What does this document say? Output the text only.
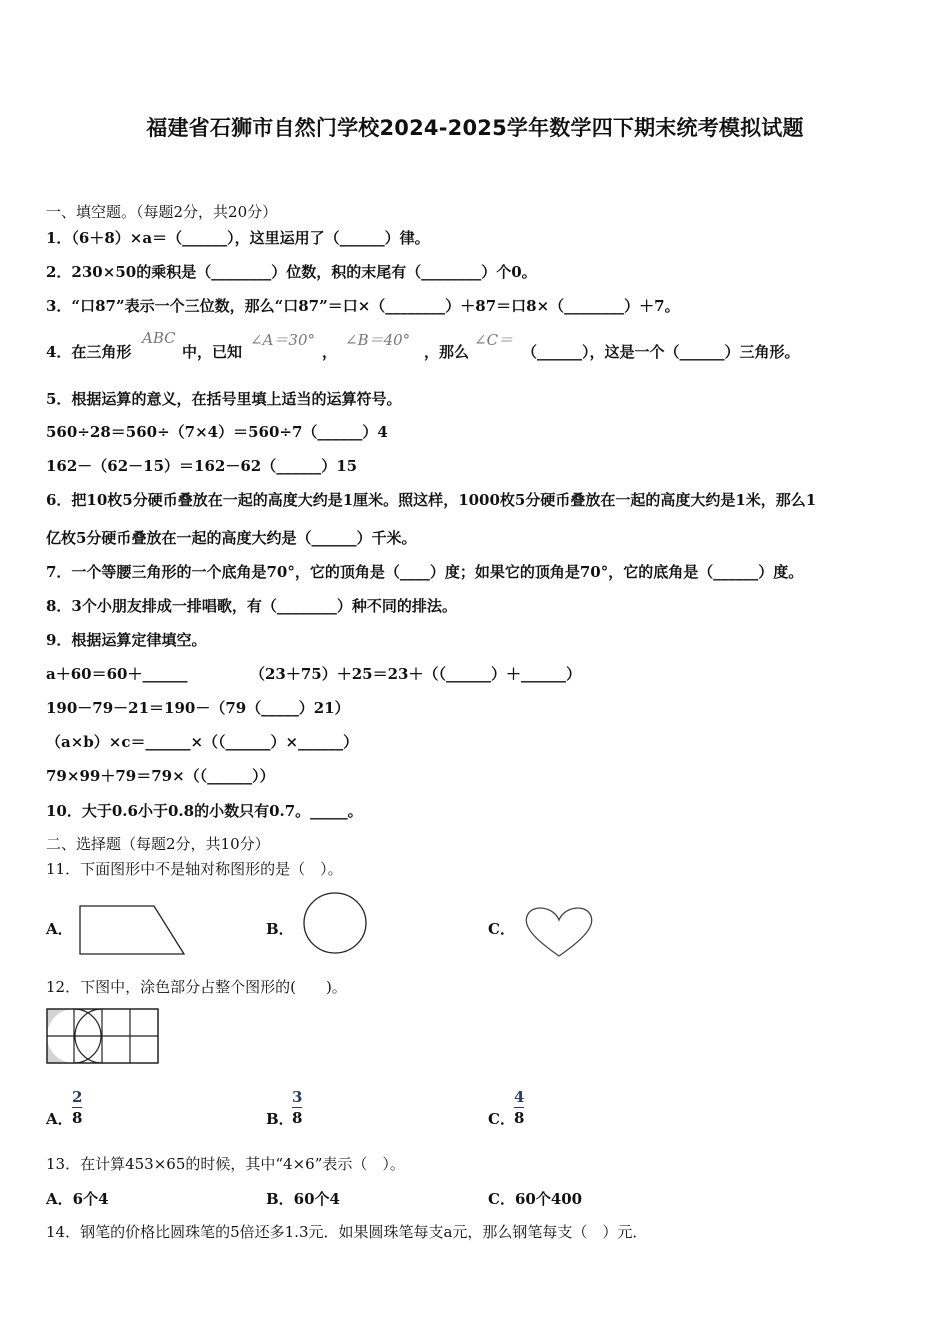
福建省石狮市自然门学校2024-2025学年数学四下期末统考模拟试题
一、填空题。（每题2分，共20分）
1．（6＋8）×a＝（______），这里运用了（______）律。
2．230×50的乘积是（________）位数，积的末尾有（________）个0。
3．“口87”表示一个三位数，那么“口87”＝口×（________）＋87＝口8×（________）＋7。
4．在三角形
ABC
中，已知
∠A＝30°
，
∠B＝40°
，那么
∠C＝
（______），这是一个（______）三角形。
5．根据运算的意义，在括号里填上适当的运算符号。
560÷28＝560÷（7×4）＝560÷7（______）4
162－（62－15）＝162－62（______）15
6．把10枚5分硬币叠放在一起的高度大约是1厘米。照这样，1000枚5分硬币叠放在一起的高度大约是1米，那么1
亿枚5分硬币叠放在一起的高度大约是（______）千米。
7．一个等腰三角形的一个底角是70°，它的顶角是（____）度；如果它的顶角是70°，它的底角是（______）度。
8．3个小朋友排成一排唱歌，有（________）种不同的排法。
9．根据运算定律填空。
a＋60＝60＋______	（23＋75）＋25＝23＋（（______）＋______）
190－79－21＝190－（79（_____）21）
（a×b）×c＝______×（（______）×______）
79×99＋79＝79×（（______））
10．大于0.6小于0.8的小数只有0.7。_____。
二、选择题（每题2分，共10分）
11．下面图形中不是轴对称图形的是（　）。
A．	B．	C．
12．下图中，涂色部分占整个图形的(　　)。
A．
2
8	B．
3
8	C．
4
8
13．在计算453×65的时候，其中“4×6”表示（　）。
A．6个4	B．60个4	C．60个400
14．钢笔的价格比圆珠笔的5倍还多1.3元．如果圆珠笔每支a元，那么钢笔每支（　）元．
